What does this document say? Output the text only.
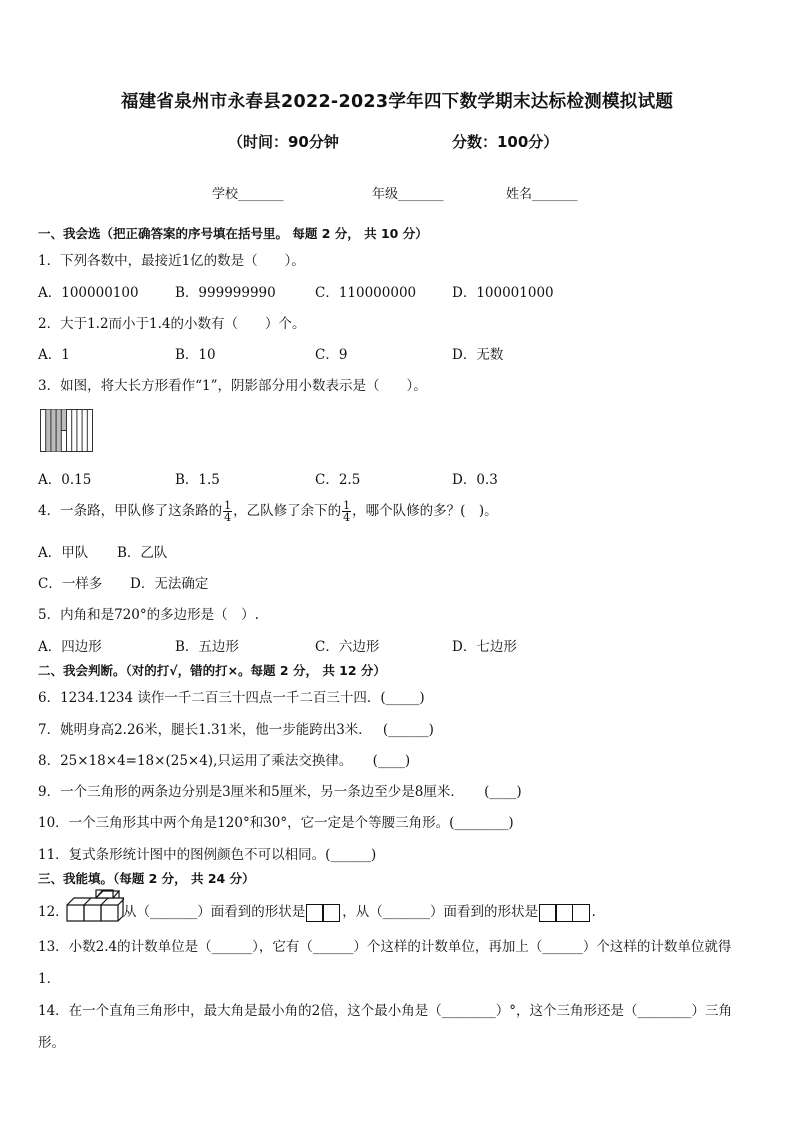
福建省泉州市永春县2022-2023学年四下数学期末达标检测模拟试题
（时间：90分钟	分数：100分）
学校_______	年级_______	姓名_______
一、我会选（把正确答案的序号填在括号里。 每题 2 分， 共 10 分）
1．下列各数中，最接近1亿的数是（　　）。
A．100000100	B．999999990	C．110000000	D．100001000
2．大于1.2而小于1.4的小数有（　　）个。
A．1	B．10	C．9	D．无数
3．如图，将大长方形看作“1”，阴影部分用小数表示是（　　）。
A．0.15	B．1.5	C．2.5	D．0.3
4．一条路，甲队修了这条路的 $\frac{1}{4}$ ，乙队修了余下的 $\frac{1}{4}$ ，哪个队修的多？(　)。
A．甲队 B．乙队
C．一样多 D．无法确定
5．内角和是720°的多边形是（　）.
A．四边形	B．五边形	C．六边形	D．七边形
二、我会判断。（对的打√，错的打×。每题 2 分， 共 12 分）
6．1234.1234 读作一千二百三十四点一千二百三十四．(_____)
7．姚明身高2.26米，腿长1.31米，他一步能跨出3米．　 (______)
8．25×18×4=18×(25×4),只运用了乘法交换律。　　(____)
9．一个三角形的两条边分别是3厘米和5厘米，另一条边至少是8厘米．　　(____)
10．一个三角形其中两个角是120°和30°，它一定是个等腰三角形。(________)
11．复式条形统计图中的图例颜色不可以相同。(______)
三、我能填。（每题 2 分， 共 24 分）
12．	从（_______）面看到的形状是	，从（_______）面看到的形状是	.
13．小数2.4的计数单位是（______），它有（______）个这样的计数单位，再加上（______）个这样的计数单位就得
1．
14．在一个直角三角形中，最大角是最小角的2倍，这个最小角是（________）°，这个三角形还是（________）三角
形。
